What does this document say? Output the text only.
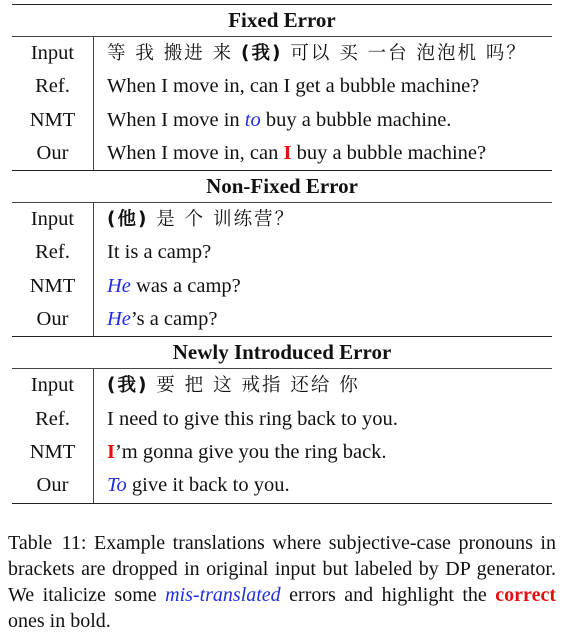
Fixed Error
Input	等 我 搬进 来 (我) 可以 买 一台 泡泡机 吗？
Ref.	When I move in, can I get a bubble machine?
NMT	When I move in to buy a bubble machine.
Our	When I move in, can I buy a bubble machine?
Non-Fixed Error
Input	(他) 是 个 训练营？
Ref.	It is a camp?
NMT	He was a camp?
Our	He’s a camp?
Newly Introduced Error
Input	(我) 要 把 这 戒指 还给 你
Ref.	I need to give this ring back to you.
NMT	I’m gonna give you the ring back.
Our	To give it back to you.
Table 11: Example translations where subjective-case pronouns in brackets are dropped in original input but labeled by DP generator. We italicize some mis-translated errors and highlight the correct ones in bold.
